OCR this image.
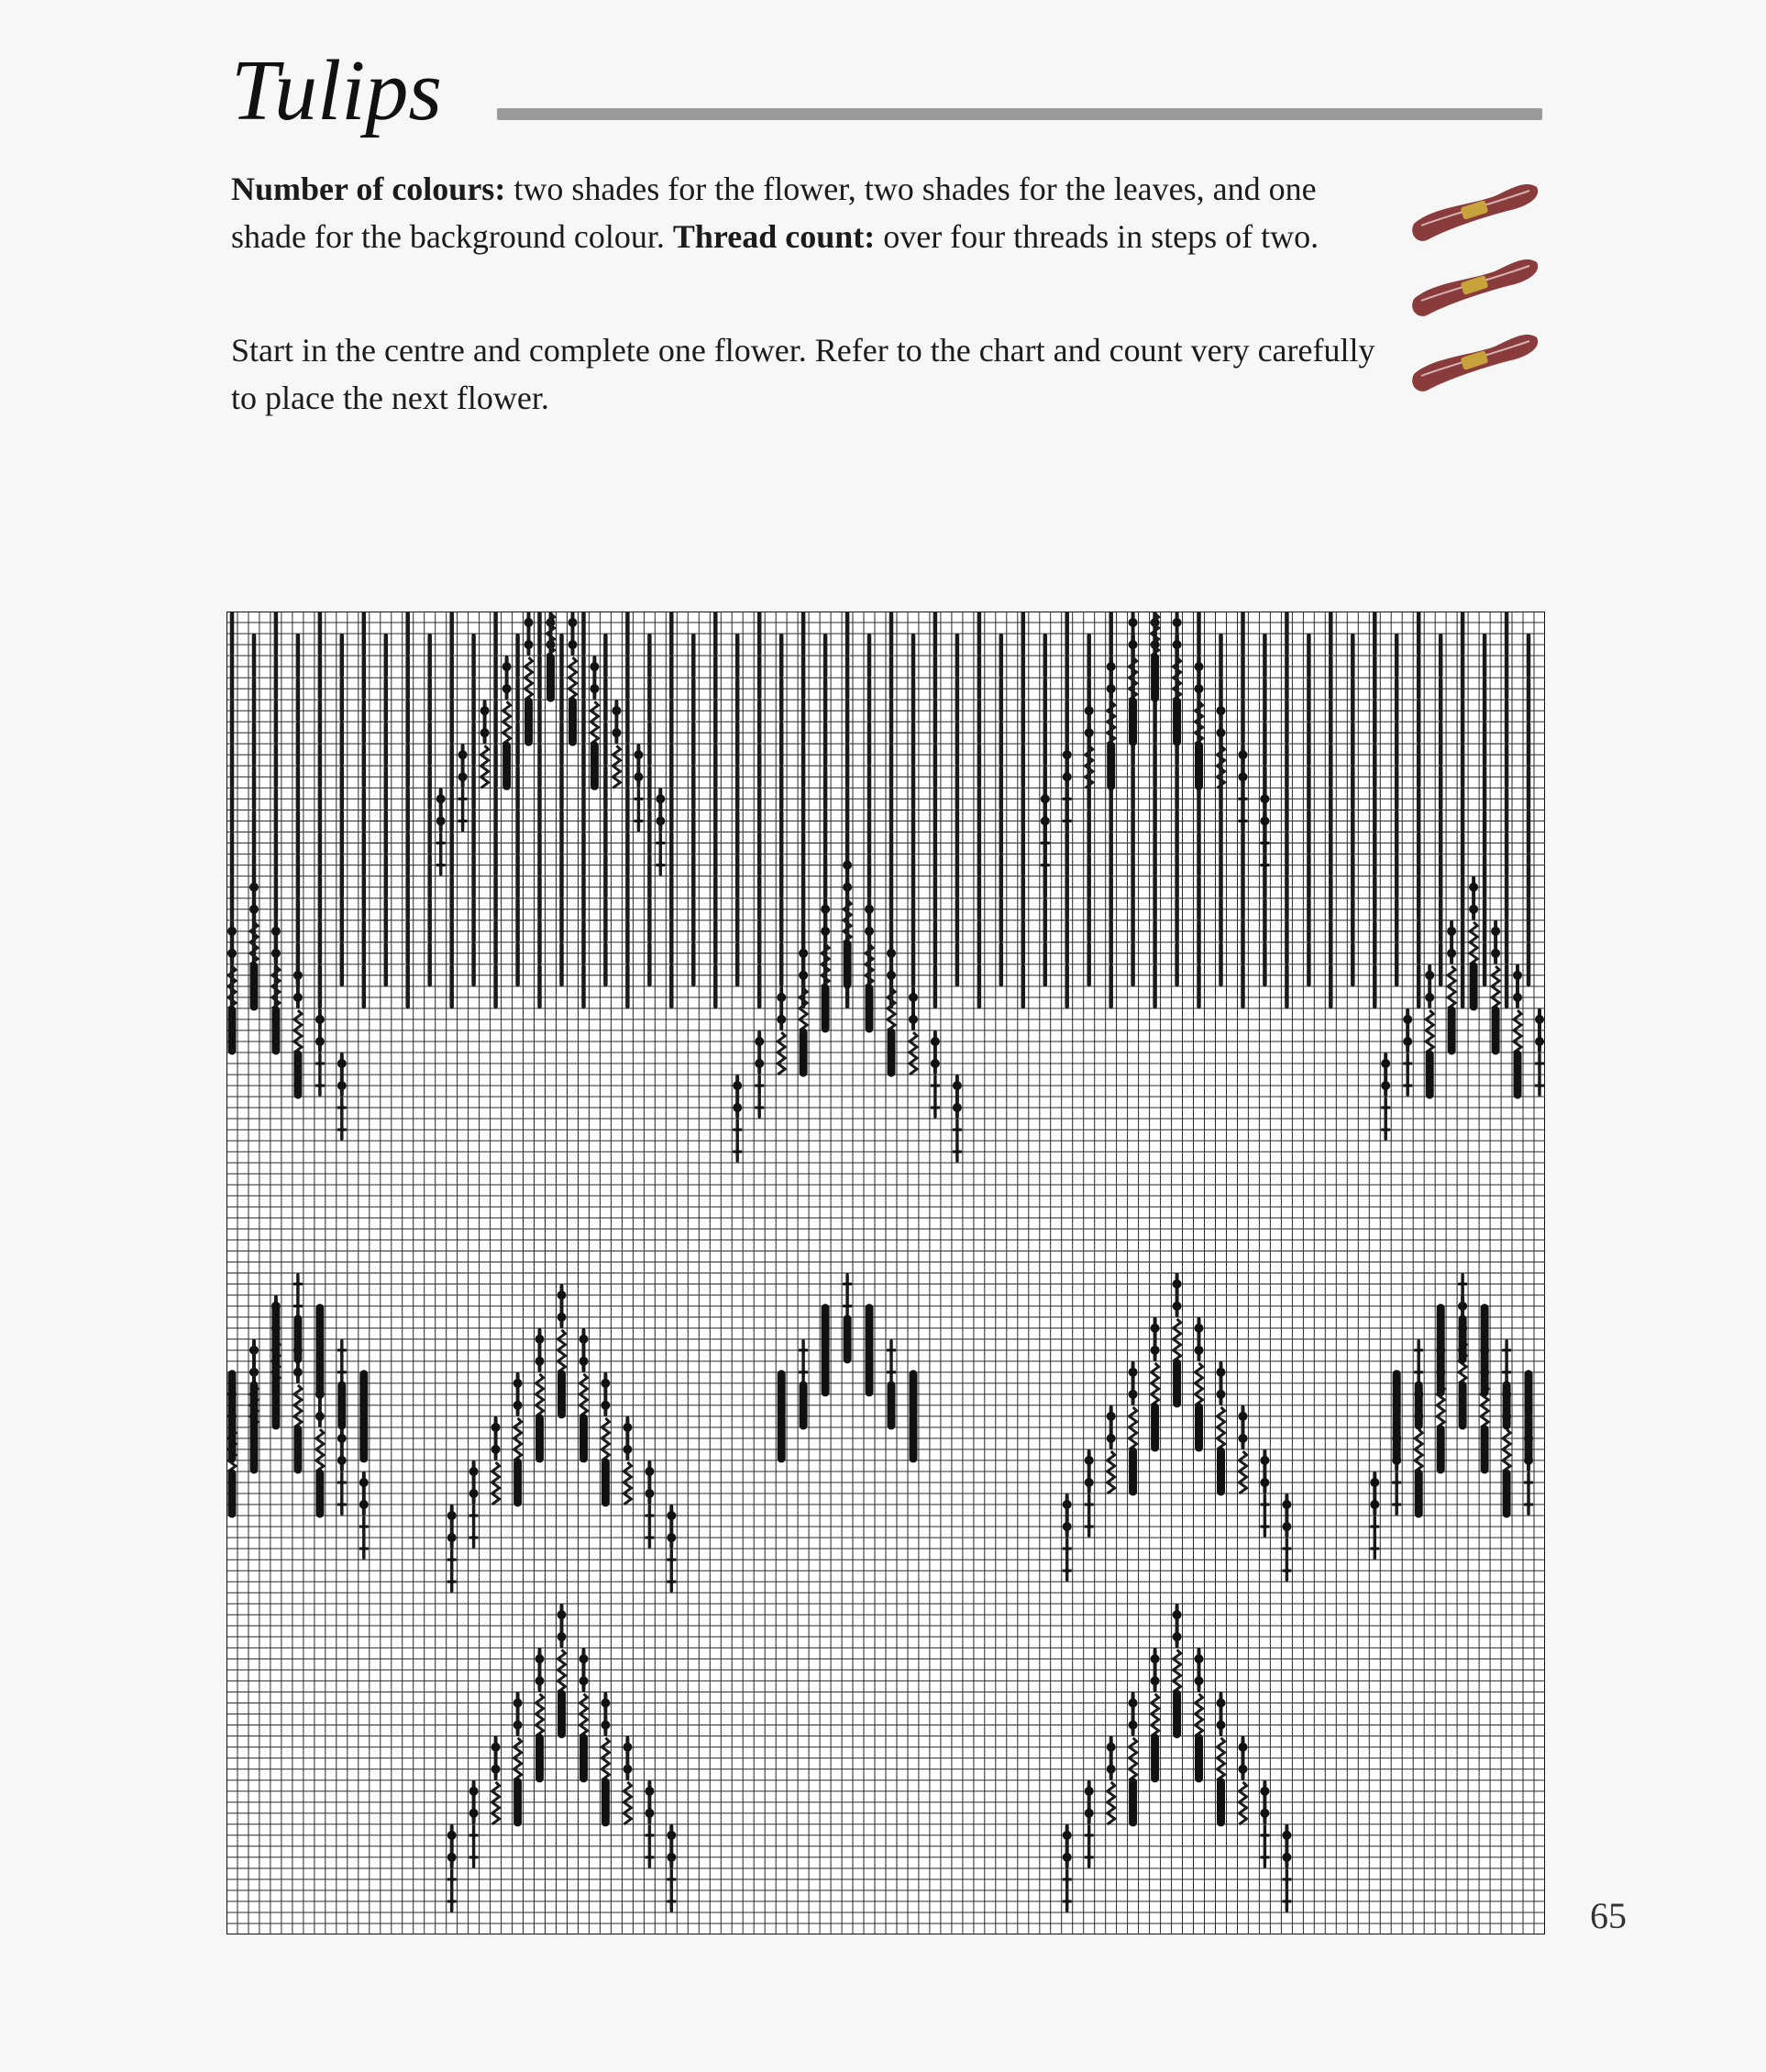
Tulips

Number of colours: two shades for the flower, two shades for the leaves, and one shade for the background colour. Thread count: over four threads in steps of two.

Start in the centre and complete one flower. Refer to the chart and count very carefully to place the next flower.

65
